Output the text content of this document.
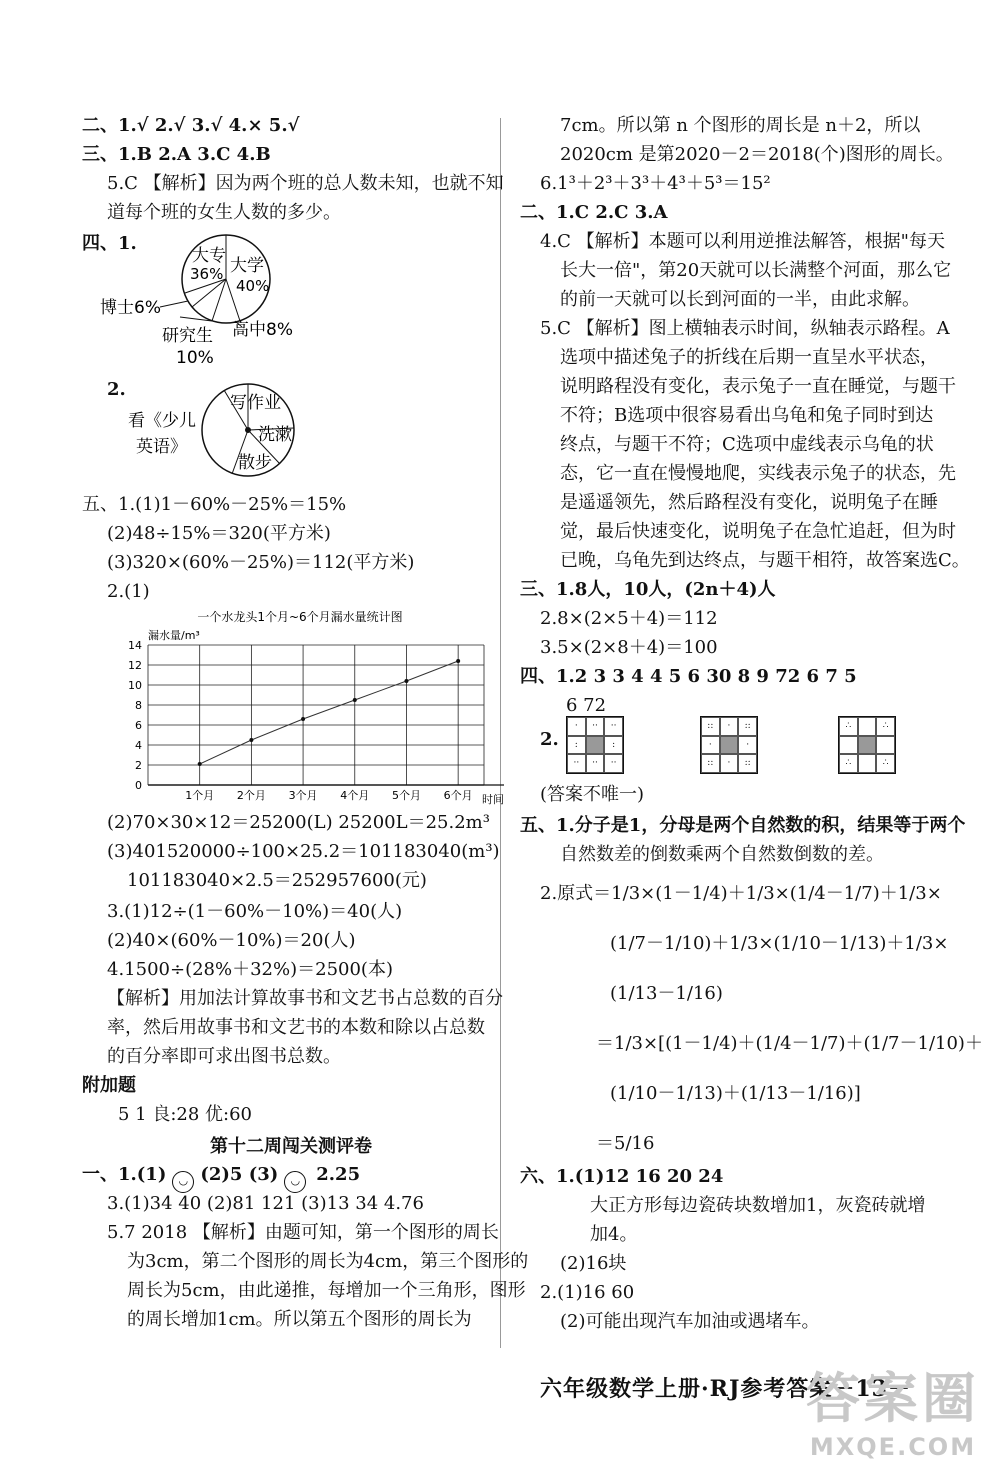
二、1.√ 2.√ 3.√ 4.× 5.√
三、1.B 2.A 3.C 4.B
5.C 【解析】因为两个班的总人数未知，也就不知
道每个班的女生人数的多少。
四、1.
大专
36% 大学
40%
博士6%
高中8%
研究生
10%
2.
写作业
看《少儿
英语》
洗漱
散步
五、1.(1)1－60%－25%＝15%
(2)48÷15%＝320(平方米)
(3)320×(60%－25%)＝112(平方米)
2.(1)
一个水龙头1个月~6个月漏水量统计图
漏水量/m³
时间
0
2
4
6
8
10
12
14
1个月 2个月 3个月 4个月 5个月 6个月
(2)70×30×12＝25200(L) 25200L＝25.2m³
(3)401520000÷100×25.2＝101183040(m³)
101183040×2.5＝252957600(元)
3.(1)12÷(1－60%－10%)＝40(人)
(2)40×(60%－10%)＝20(人)
4.1500÷(28%＋32%)＝2500(本)
【解析】用加法计算故事书和文艺书占总数的百分
率，然后用故事书和文艺书的本数和除以占总数
的百分率即可求出图书总数。
附加题
5 1 良:28 优:60
第十二周闯关测评卷
一、1.(1) ◡ (2)5 (3) ◡ 2.25
3.(1)34 40 (2)81 121 (3)13 34 4.76
5.7 2018 【解析】由题可知，第一个图形的周长
为3cm，第二个图形的周长为4cm，第三个图形的
周长为5cm，由此递推，每增加一个三角形，图形
的周长增加1cm。所以第五个图形的周长为
7cm。所以第 n 个图形的周长是 n＋2，所以
2020cm 是第2020－2＝2018(个)图形的周长。
6.1³＋2³＋3³＋4³＋5³＝15²
二、1.C 2.C 3.A
4.C 【解析】本题可以利用逆推法解答，根据"每天
长大一倍"，第20天就可以长满整个河面，那么它
的前一天就可以长到河面的一半，由此求解。
5.C 【解析】图上横轴表示时间，纵轴表示路程。A
选项中描述兔子的折线在后期一直呈水平状态，
说明路程没有变化，表示兔子一直在睡觉，与题干
不符；B选项中很容易看出乌龟和兔子同时到达
终点，与题干不符；C选项中虚线表示乌龟的状
态，它一直在慢慢地爬，实线表示兔子的状态，先
是遥遥领先，然后路程没有变化，说明兔子在睡
觉，最后快速变化，说明兔子在急忙追赶，但为时
已晚，乌龟先到达终点，与题干相符，故答案选C。
三、1.8人，10人，(2n＋4)人
2.8×(2×5＋4)＝112
3.5×(2×8＋4)＝100
四、1.2 3 3 4 4 5 6 30 8 9 72 6 7 5
6 72
2.
·	··	··
:	:
··	··	··
::	·	::
·	·
::	·	::
∴	∴
∴	∴
(答案不唯一)
五、1.分子是1，分母是两个自然数的积，结果等于两个
自然数差的倒数乘两个自然数倒数的差。
2.原式＝1/3×(1－1/4)＋1/3×(1/4－1/7)＋1/3×
(1/7－1/10)＋1/3×(1/10－1/13)＋1/3×
(1/13－1/16)
＝1/3×[(1－1/4)＋(1/4－1/7)＋(1/7－1/10)＋
(1/10－1/13)＋(1/13－1/16)]
＝5/16
六、1.(1)12 16 20 24
大正方形每边瓷砖块数增加1，灰瓷砖就增
加4。
(2)16块
2.(1)16 60
(2)可能出现汽车加油或遇堵车。
六年级数学上册·RJ参考答案－13－
答案圈
MXQE.COM
